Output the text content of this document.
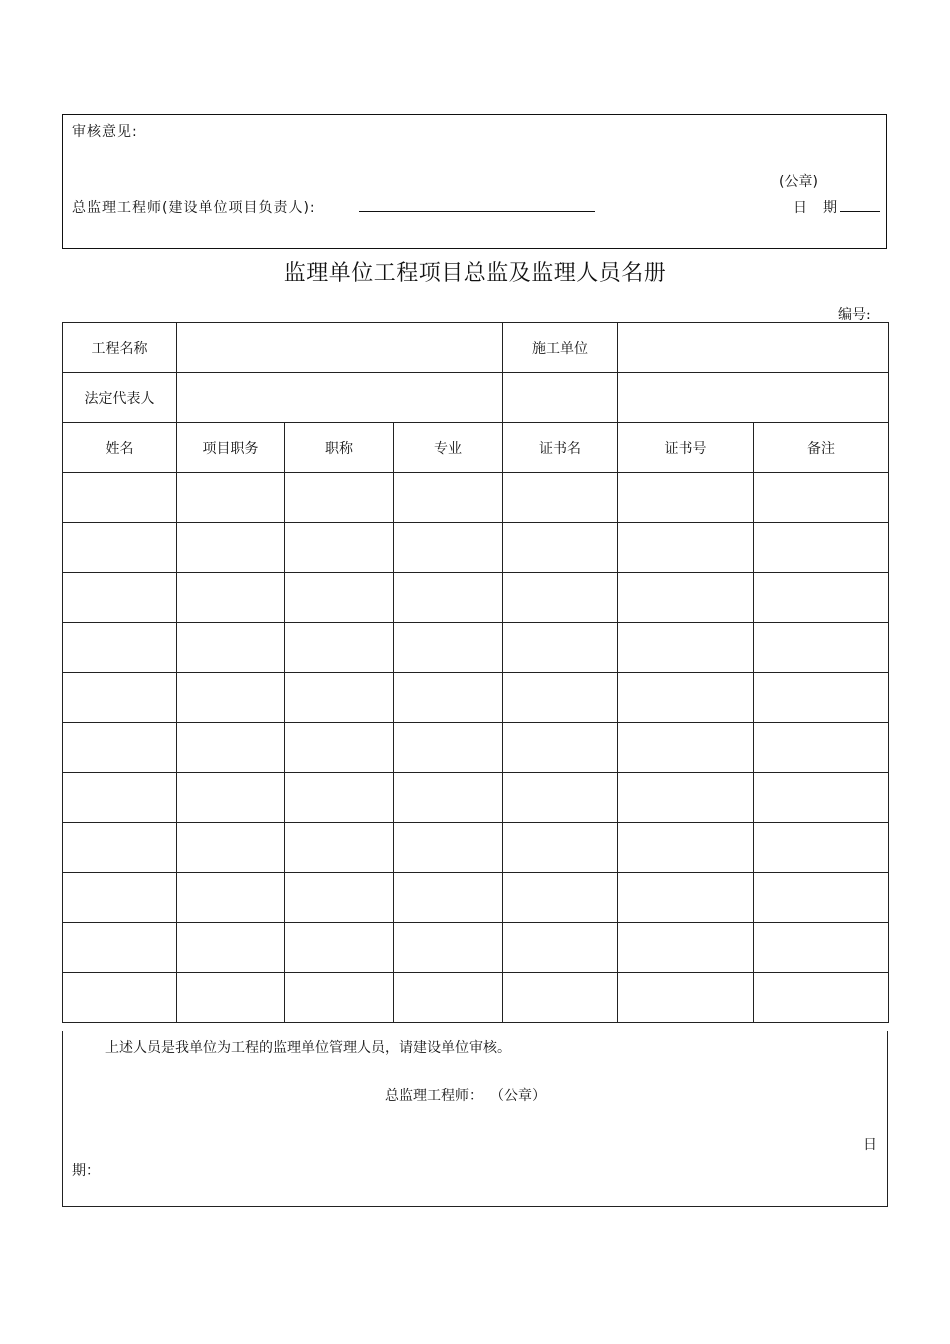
审核意见:
(公章)
总监理工程师(建设单位项目负责人):	日　期
监理单位工程项目总监及监理人员名册
编号:
工程名称				施工单位		
法定代表人						
姓名	项目职务	职称	专业	证书名	证书号	备注

上述人员是我单位为工程的监理单位管理人员，请建设单位审核。
总监理工程师： （公章）
日
期：
